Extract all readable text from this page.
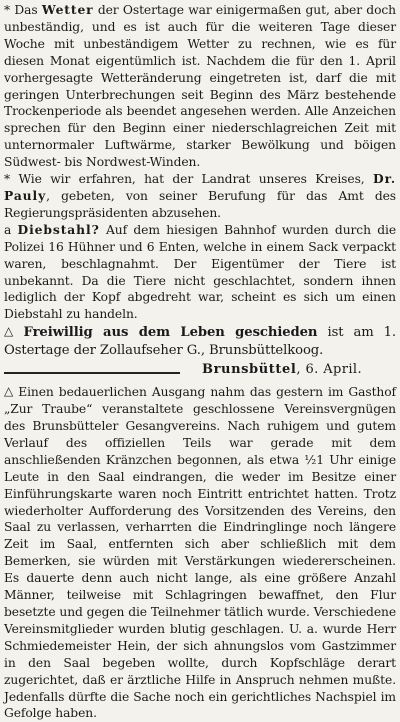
* Das Wetter der Ostertage war einigermaßen gut, aber doch unbeständig, und es ist auch für die weiteren Tage dieser Woche mit unbeständigem Wetter zu rechnen, wie es für diesen Monat eigentümlich ist. Nachdem die für den 1. April vorhergesagte Wetteränderung eingetreten ist, darf die mit geringen Unterbrechungen seit Beginn des März bestehende Trockenperiode als beendet angesehen werden. Alle Anzeichen sprechen für den Beginn einer niederschlagreichen Zeit mit unternormaler Luftwärme, starker Bewölkung und böigen Südwest- bis Nordwest-Winden.

* Wie wir erfahren, hat der Landrat unseres Kreises, Dr. Pauly, gebeten, von seiner Berufung für das Amt des Regierungspräsidenten abzusehen.

a Diebstahl? Auf dem hiesigen Bahnhof wurden durch die Polizei 16 Hühner und 6 Enten, welche in einem Sack verpackt waren, beschlagnahmt. Der Eigentümer der Tiere ist unbekannt. Da die Tiere nicht geschlachtet, sondern ihnen lediglich der Kopf abgedreht war, scheint es sich um einen Diebstahl zu handeln.

△ Freiwillig aus dem Leben geschieden ist am 1. Ostertage der Zollaufseher G., Brunsbüttelkoog.

Brunsbüttel, 6. April.

△ Einen bedauerlichen Ausgang nahm das gestern im Gasthof „Zur Traube“ veranstaltete geschlossene Vereinsvergnügen des Brunsbütteler Gesangvereins. Nach ruhigem und gutem Verlauf des offiziellen Teils war gerade mit dem anschließenden Kränzchen begonnen, als etwa ½1 Uhr einige Leute in den Saal eindrangen, die weder im Besitze einer Einführungskarte waren noch Eintritt entrichtet hatten. Trotz wiederholter Aufforderung des Vorsitzenden des Vereins, den Saal zu verlassen, verharrten die Eindringlinge noch längere Zeit im Saal, entfernten sich aber schließlich mit dem Bemerken, sie würden mit Verstärkungen wiedererscheinen. Es dauerte denn auch nicht lange, als eine größere Anzahl Männer, teilweise mit Schlagringen bewaffnet, den Flur besetzte und gegen die Teilnehmer tätlich wurde. Verschiedene Vereinsmitglieder wurden blutig geschlagen. U. a. wurde Herr Schmiedemeister Hein, der sich ahnungslos vom Gastzimmer in den Saal begeben wollte, durch Kopfschläge derart zugerichtet, daß er ärztliche Hilfe in Anspruch nehmen mußte. Jedenfalls dürfte die Sache noch ein gerichtliches Nachspiel im Gefolge haben.
